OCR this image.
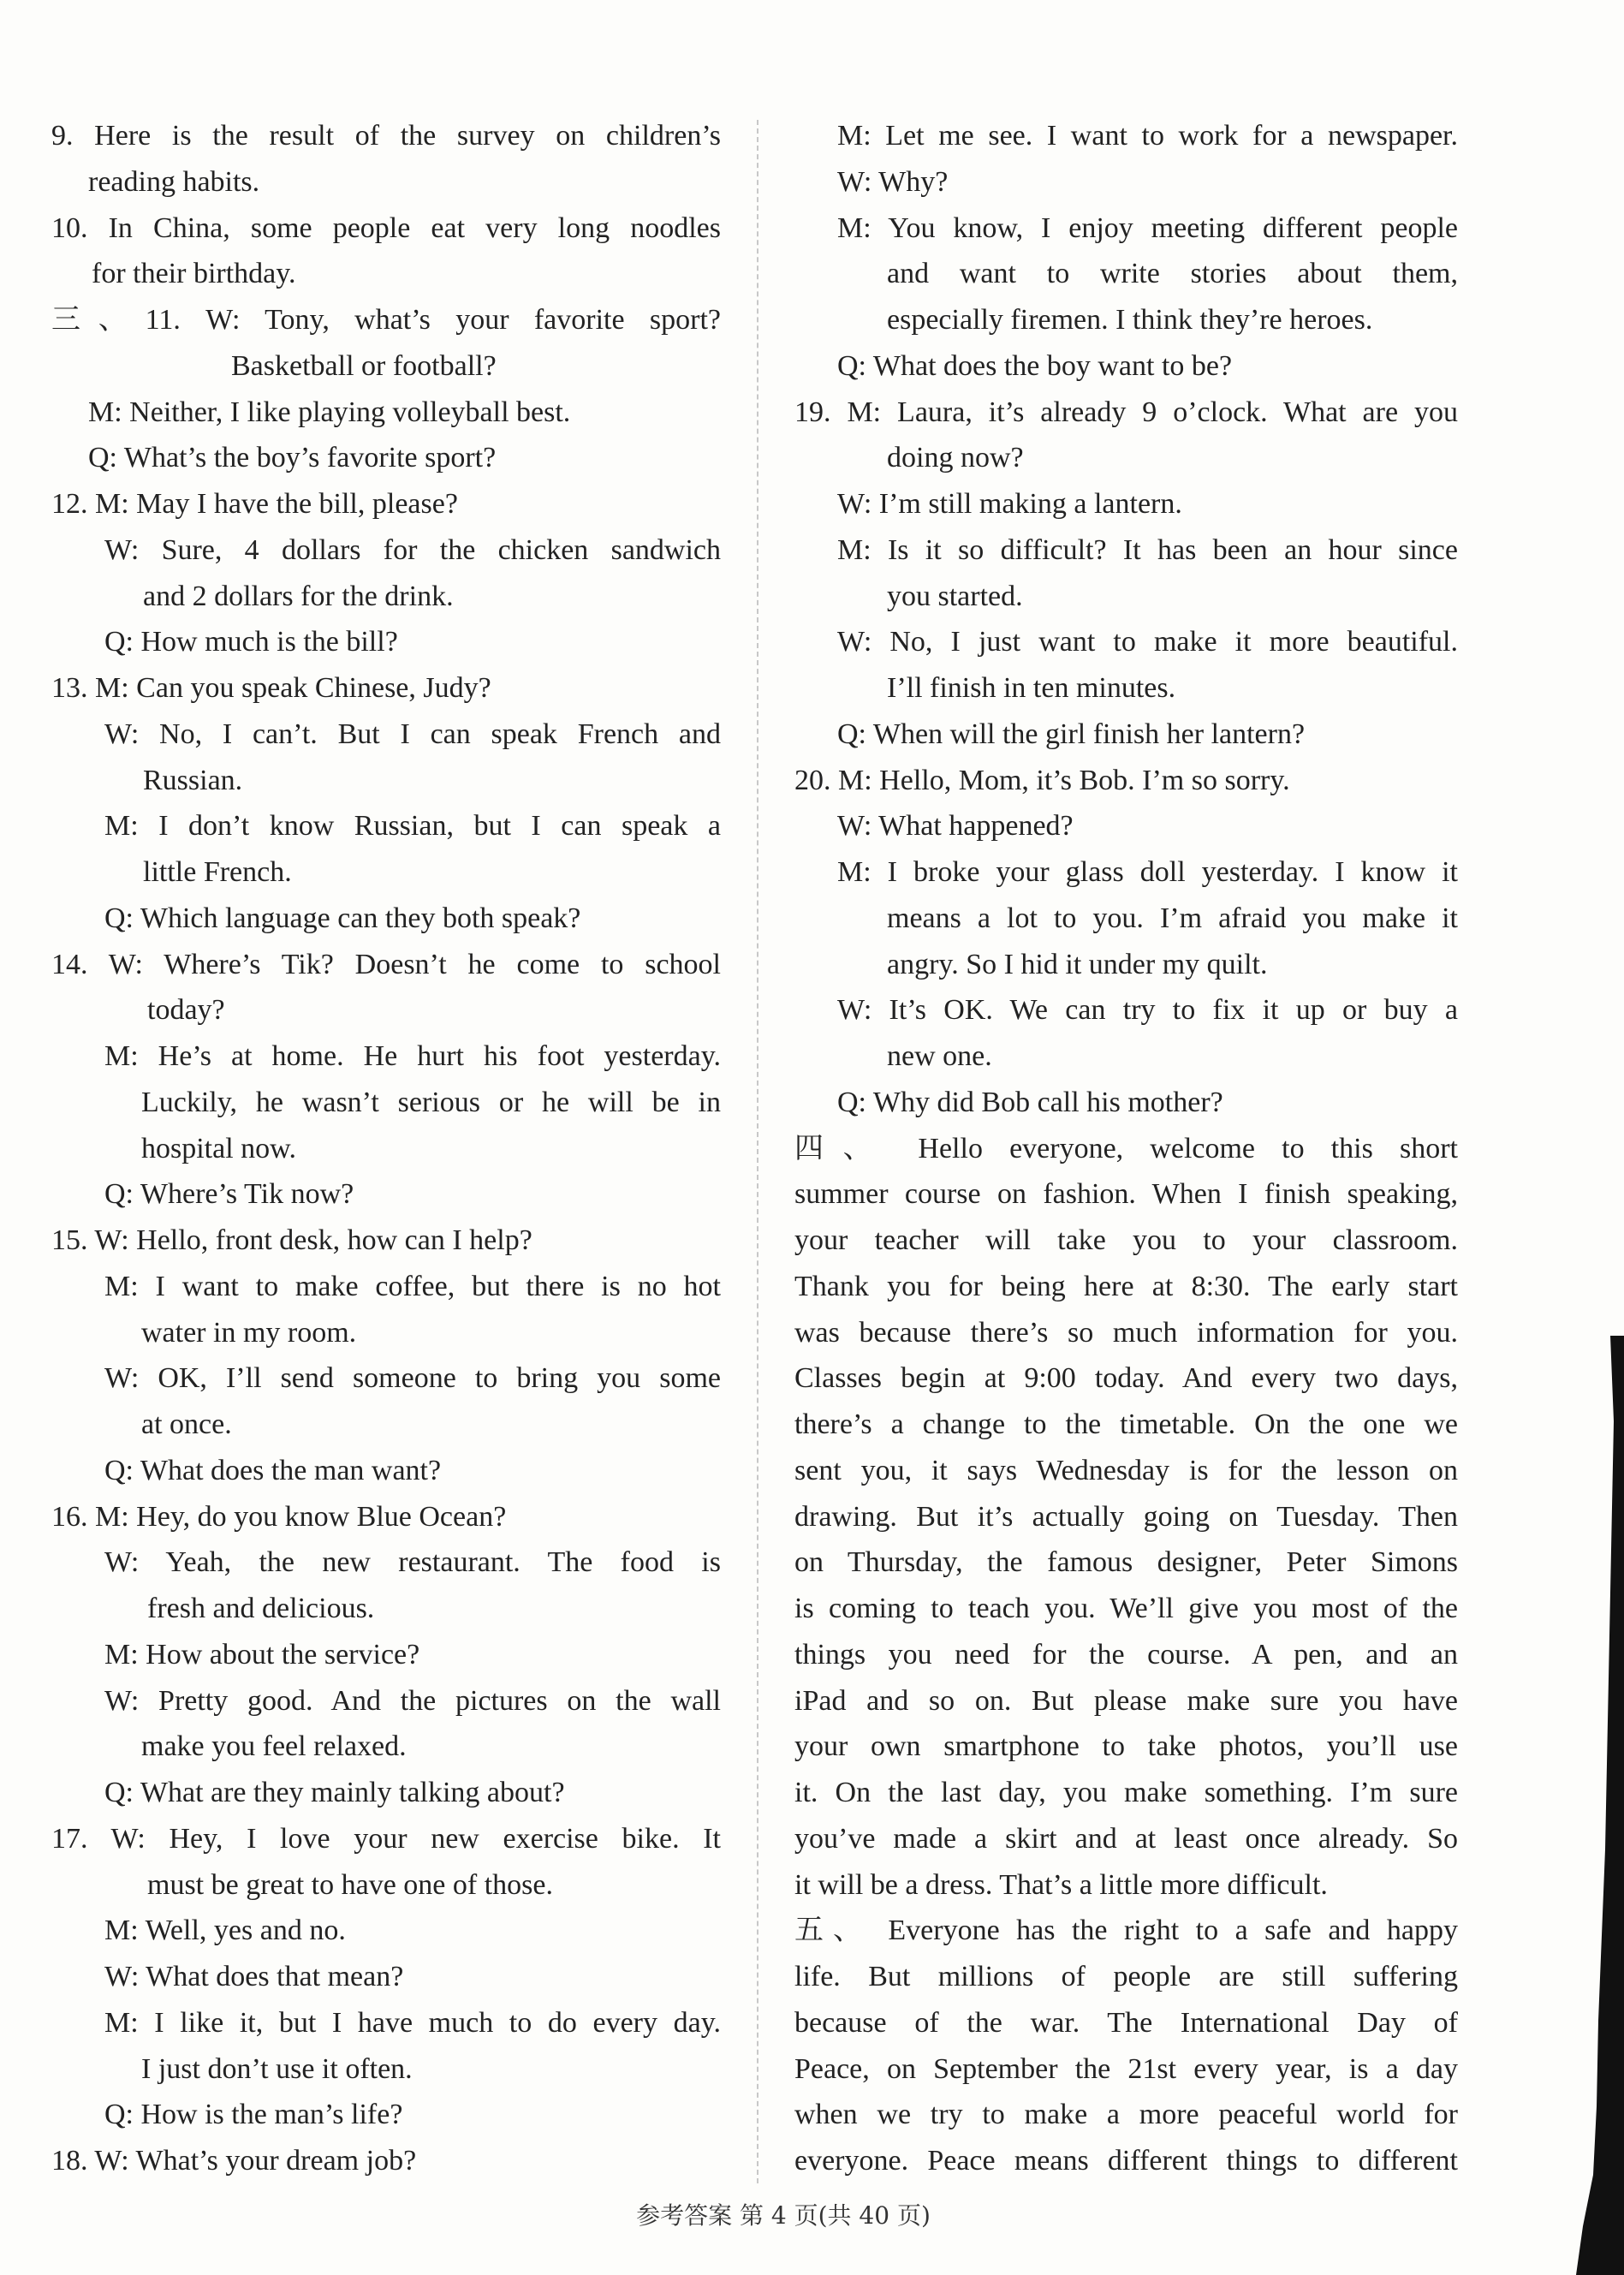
9. Here is the result of the survey on children’s
reading habits.
10. In China, some people eat very long noodles
for their birthday.
三、11. W: Tony, what’s your favorite sport?
Basketball or football?
M: Neither, I like playing volleyball best.
Q: What’s the boy’s favorite sport?
12. M: May I have the bill, please?
W: Sure, 4 dollars for the chicken sandwich
and 2 dollars for the drink.
Q: How much is the bill?
13. M: Can you speak Chinese, Judy?
W: No, I can’t. But I can speak French and
Russian.
M: I don’t know Russian, but I can speak a
little French.
Q: Which language can they both speak?
14. W: Where’s Tik? Doesn’t he come to school
today?
M: He’s at home. He hurt his foot yesterday.
Luckily, he wasn’t serious or he will be in
hospital now.
Q: Where’s Tik now?
15. W: Hello, front desk, how can I help?
M: I want to make coffee, but there is no hot
water in my room.
W: OK, I’ll send someone to bring you some
at once.
Q: What does the man want?
16. M: Hey, do you know Blue Ocean?
W: Yeah, the new restaurant. The food is
fresh and delicious.
M: How about the service?
W: Pretty good. And the pictures on the wall
make you feel relaxed.
Q: What are they mainly talking about?
17. W: Hey, I love your new exercise bike. It
must be great to have one of those.
M: Well, yes and no.
W: What does that mean?
M: I like it, but I have much to do every day.
I just don’t use it often.
Q: How is the man’s life?
18. W: What’s your dream job?
M: Let me see. I want to work for a newspaper.
W: Why?
M: You know, I enjoy meeting different people
and want to write stories about them,
especially firemen. I think they’re heroes.
Q: What does the boy want to be?
19. M: Laura, it’s already 9 o’clock. What are you
doing now?
W: I’m still making a lantern.
M: Is it so difficult? It has been an hour since
you started.
W: No, I just want to make it more beautiful.
I’ll finish in ten minutes.
Q: When will the girl finish her lantern?
20. M: Hello, Mom, it’s Bob. I’m so sorry.
W: What happened?
M: I broke your glass doll yesterday. I know it
means a lot to you. I’m afraid you make it
angry. So I hid it under my quilt.
W: It’s OK. We can try to fix it up or buy a
new one.
Q: Why did Bob call his mother?
四、 Hello everyone, welcome to this short
summer course on fashion. When I finish speaking,
your teacher will take you to your classroom.
Thank you for being here at 8:30. The early start
was because there’s so much information for you.
Classes begin at 9:00 today. And every two days,
there’s a change to the timetable. On the one we
sent you, it says Wednesday is for the lesson on
drawing. But it’s actually going on Tuesday. Then
on Thursday, the famous designer, Peter Simons
is coming to teach you. We’ll give you most of the
things you need for the course. A pen, and an
iPad and so on. But please make sure you have
your own smartphone to take photos, you’ll use
it. On the last day, you make something. I’m sure
you’ve made a skirt and at least once already. So
it will be a dress. That’s a little more difficult.
五、 Everyone has the right to a safe and happy
life. But millions of people are still suffering
because of the war. The International Day of
Peace, on September the 21st every year, is a day
when we try to make a more peaceful world for
everyone. Peace means different things to different
参考答案 第 4 页(共 40 页)
